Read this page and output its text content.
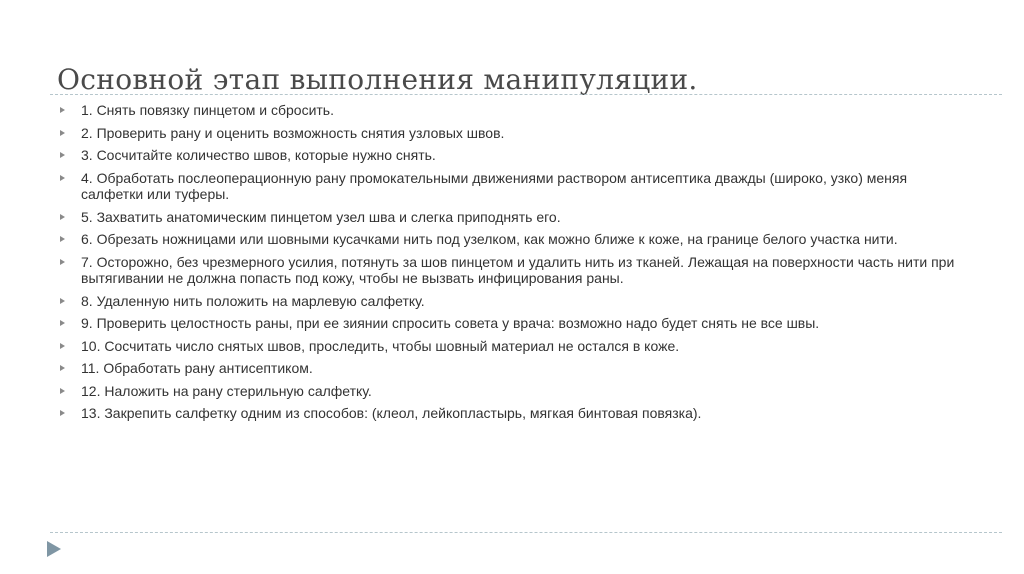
Основной этап выполнения манипуляции.
1. Снять повязку пинцетом и сбросить.
2. Проверить рану и оценить возможность снятия узловых швов.
3. Сосчитайте количество швов, которые нужно снять.
4. Обработать послеоперационную рану промокательными движениями раствором антисептика дважды (широко, узко) меняя салфетки или туферы.
5. Захватить анатомическим пинцетом узел шва и слегка приподнять его.
6. Обрезать ножницами или шовными кусачками нить под узелком, как можно ближе к коже, на границе белого участка нити.
7. Осторожно, без чрезмерного усилия, потянуть за шов пинцетом и удалить нить из тканей. Лежащая на поверхности часть нити при вытягивании не должна попасть под кожу, чтобы не вызвать инфицирования раны.
8. Удаленную нить положить на марлевую салфетку.
9. Проверить целостность раны, при ее зиянии спросить совета у врача: возможно надо будет снять не все швы.
10. Сосчитать число снятых швов, проследить, чтобы шовный материал не остался в коже.
11. Обработать рану антисептиком.
12. Наложить на рану стерильную салфетку.
13. Закрепить салфетку одним из способов: (клеол, лейкопластырь, мягкая бинтовая повязка).
